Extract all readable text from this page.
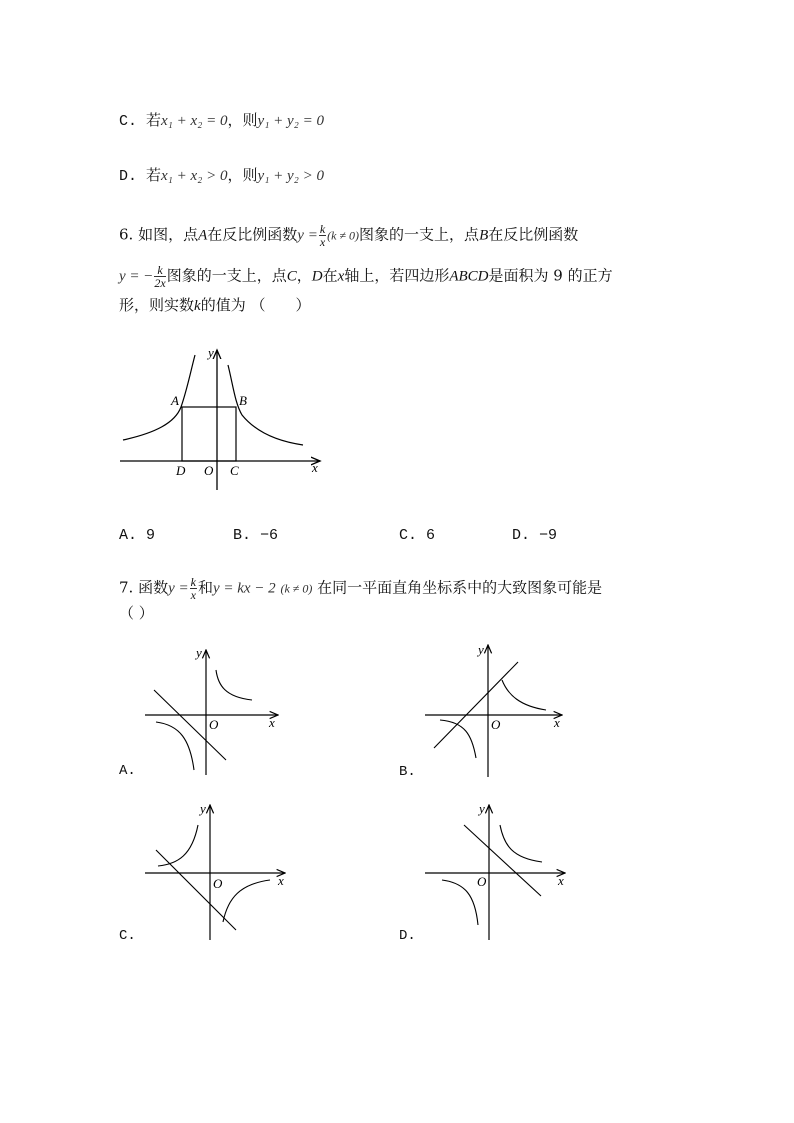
C. 若x₁ + x₂ = 0，则y₁ + y₂ = 0
D. 若x₁ + x₂ > 0，则y₁ + y₂ > 0
6. 如图，点A在反比例函数$y = \frac{k}{x} (k \ne 0)$图象的一支上，点B在反比例函数
y = − $\frac{k}{2x}$ 图象的一支上，点C，D在x轴上，若四边形ABCD是面积为 9 的正方
形，则实数k的值为 （　　）
y
x
A	B
D O C
A. 9	B. −6	C. 6	D. −9
7. 函数$y = \frac{k}{x}$ 和y = kx − 2 (k ≠ 0) 在同一平面直角坐标系中的大致图象可能是
（ ）
y
x
O
A.
y
x
O
B.
y
x
O
C.
y
x
O
D.
